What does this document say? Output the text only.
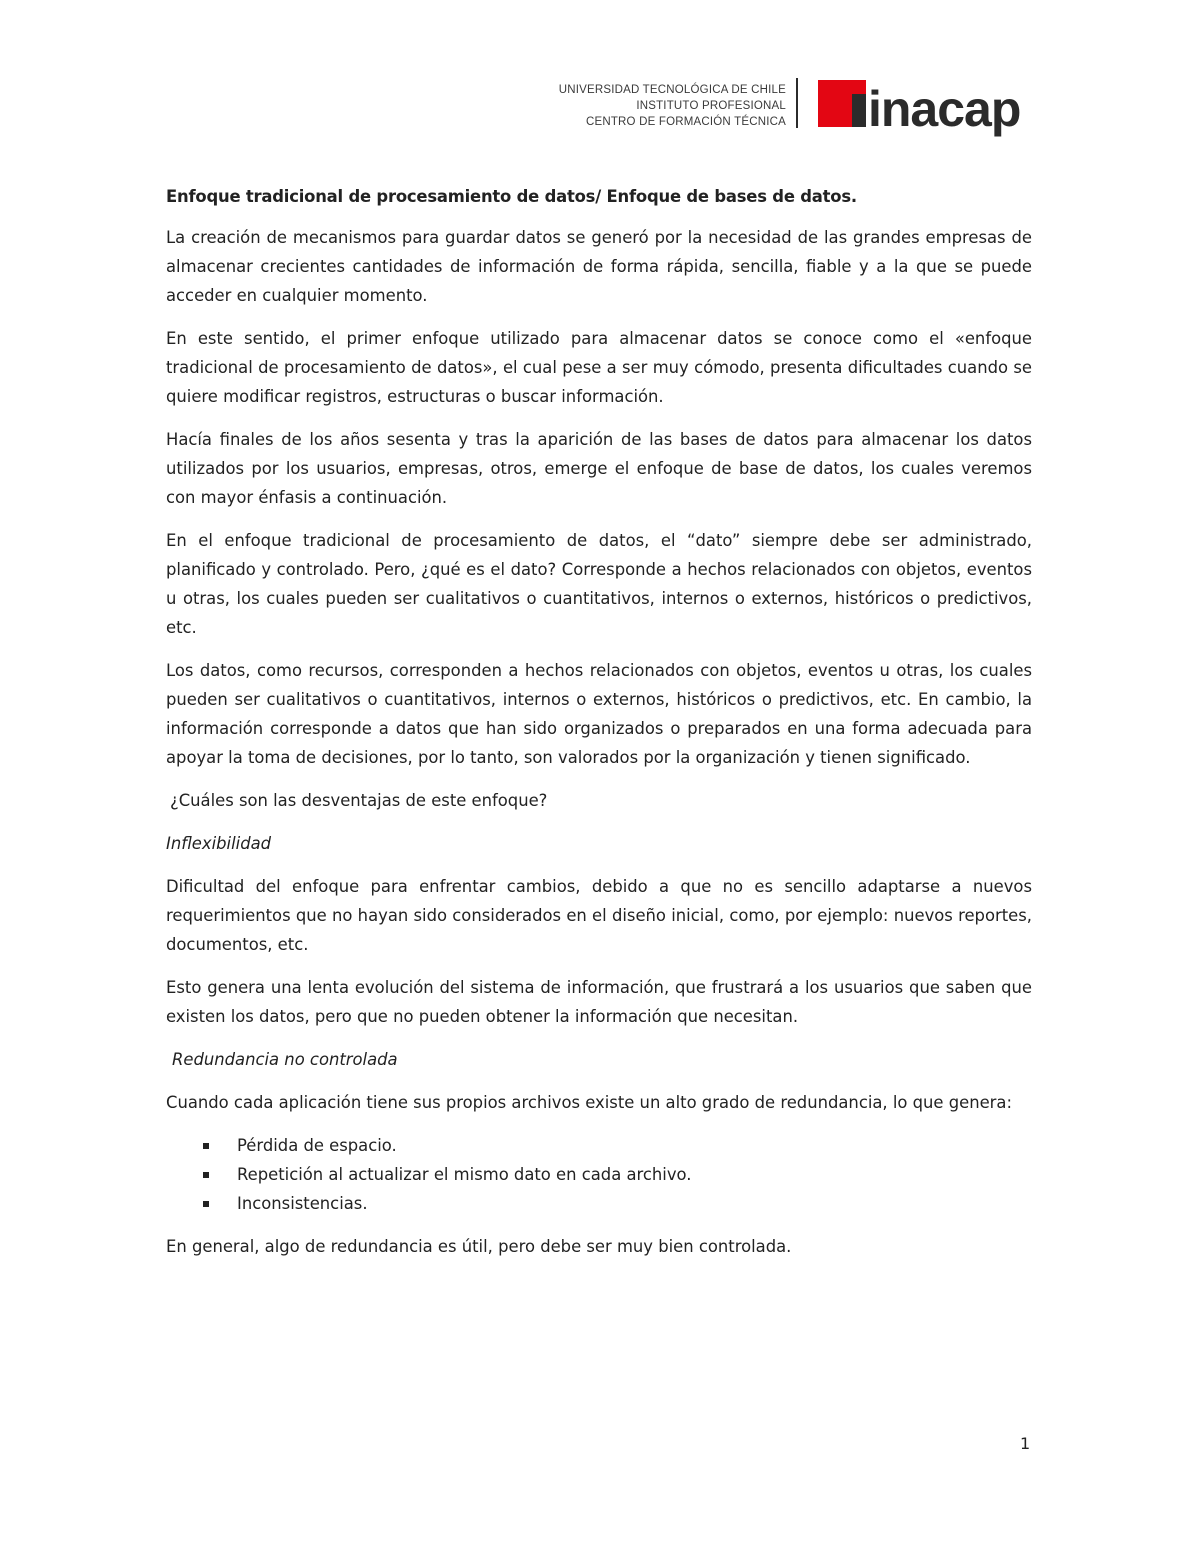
UNIVERSIDAD TECNOLÓGICA DE CHILE
INSTITUTO PROFESIONAL
CENTRO DE FORMACIÓN TÉCNICA inacap
Enfoque tradicional de procesamiento de datos/ Enfoque de bases de datos.

La creación de mecanismos para guardar datos se generó por la necesidad de las grandes empresas de almacenar crecientes cantidades de información de forma rápida, sencilla, fiable y a la que se puede acceder en cualquier momento.

En este sentido, el primer enfoque utilizado para almacenar datos se conoce como el «enfoque tradicional de procesamiento de datos», el cual pese a ser muy cómodo, presenta dificultades cuando se quiere modificar registros, estructuras o buscar información.

Hacía finales de los años sesenta y tras la aparición de las bases de datos para almacenar los datos utilizados por los usuarios, empresas, otros, emerge el enfoque de base de datos, los cuales veremos con mayor énfasis a continuación.

En el enfoque tradicional de procesamiento de datos, el “dato” siempre debe ser administrado, planificado y controlado. Pero, ¿qué es el dato? Corresponde a hechos relacionados con objetos, eventos u otras, los cuales pueden ser cualitativos o cuantitativos, internos o externos, históricos o predictivos, etc.

Los datos, como recursos, corresponden a hechos relacionados con objetos, eventos u otras, los cuales pueden ser cualitativos o cuantitativos, internos o externos, históricos o predictivos, etc. En cambio, la información corresponde a datos que han sido organizados o preparados en una forma adecuada para apoyar la toma de decisiones, por lo tanto, son valorados por la organización y tienen significado.

¿Cuáles son las desventajas de este enfoque?
Inflexibilidad

Dificultad del enfoque para enfrentar cambios, debido a que no es sencillo adaptarse a nuevos requerimientos que no hayan sido considerados en el diseño inicial, como, por ejemplo: nuevos reportes, documentos, etc.

Esto genera una lenta evolución del sistema de información, que frustrará a los usuarios que saben que existen los datos, pero que no pueden obtener la información que necesitan.

Redundancia no controlada

Cuando cada aplicación tiene sus propios archivos existe un alto grado de redundancia, lo que genera:

Pérdida de espacio.
Repetición al actualizar el mismo dato en cada archivo.
Inconsistencias.

En general, algo de redundancia es útil, pero debe ser muy bien controlada.

1
